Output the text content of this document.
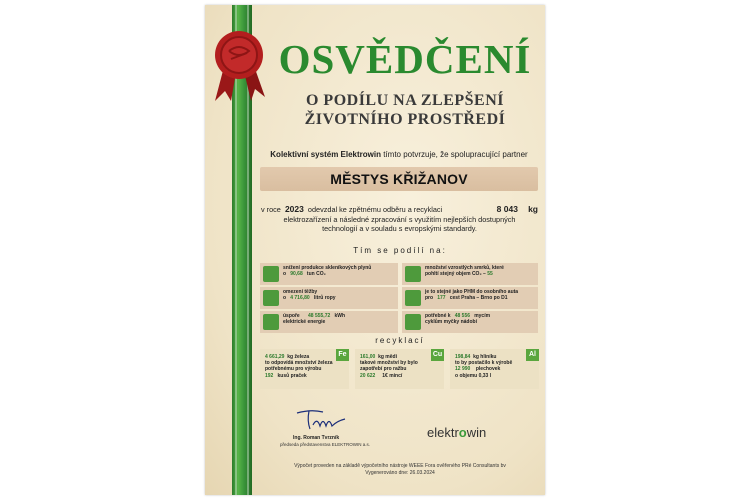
OSVĚDČENÍ
O PODÍLU NA ZLEPŠENÍ
ŽIVOTNÍHO PROSTŘEDÍ
Kolektivní systém Elektrowin tímto potvrzuje, že spolupracující partner
MĚSTYS KŘIŽANOV
v roce 2023 odevzdal ke zpětnému odběru a recyklaci	8 043 kg
elektrozařízení a následné zpracování s využitím nejlepších dostupných
technologií a v souladu s evropskými standardy.
Tím se podílí na:
snížení produkce skleníkových plynů
o 90,68 tun CO₂
množství vzrostlých smrků, které
pohltí stejný objem CO₂ – 55
omezení těžby
o 4 716,80 litrů ropy
je to stejné jako PHM do osobního auta
pro 177 cest Praha – Brno po D1
úspoře 48 555,72 kWh
elektrické energie
potřebné k 48 556 mycím
cyklům myčky nádobí
recyklací
Fe
4 661,29 kg železa
to odpovídá množství železa
potřebnému pro výrobu
192 kusů praček
Cu
161,00 kg mědi
takové množství by bylo
zapotřebí pro ražbu
20 622 1€ mincí
Al
198,84 kg hliníku
to by postačilo k výrobě
12 990 plechovek
o objemu 0,33 l
Ing. Roman Tvrzník
předseda představenstva ELEKTROWIN a.s.
elektrowin
Výpočet proveden na základě výpočetního nástroje WEEE Fora ověřeného PRé Consultants bv
Vygenerováno dne: 26.03.2024
